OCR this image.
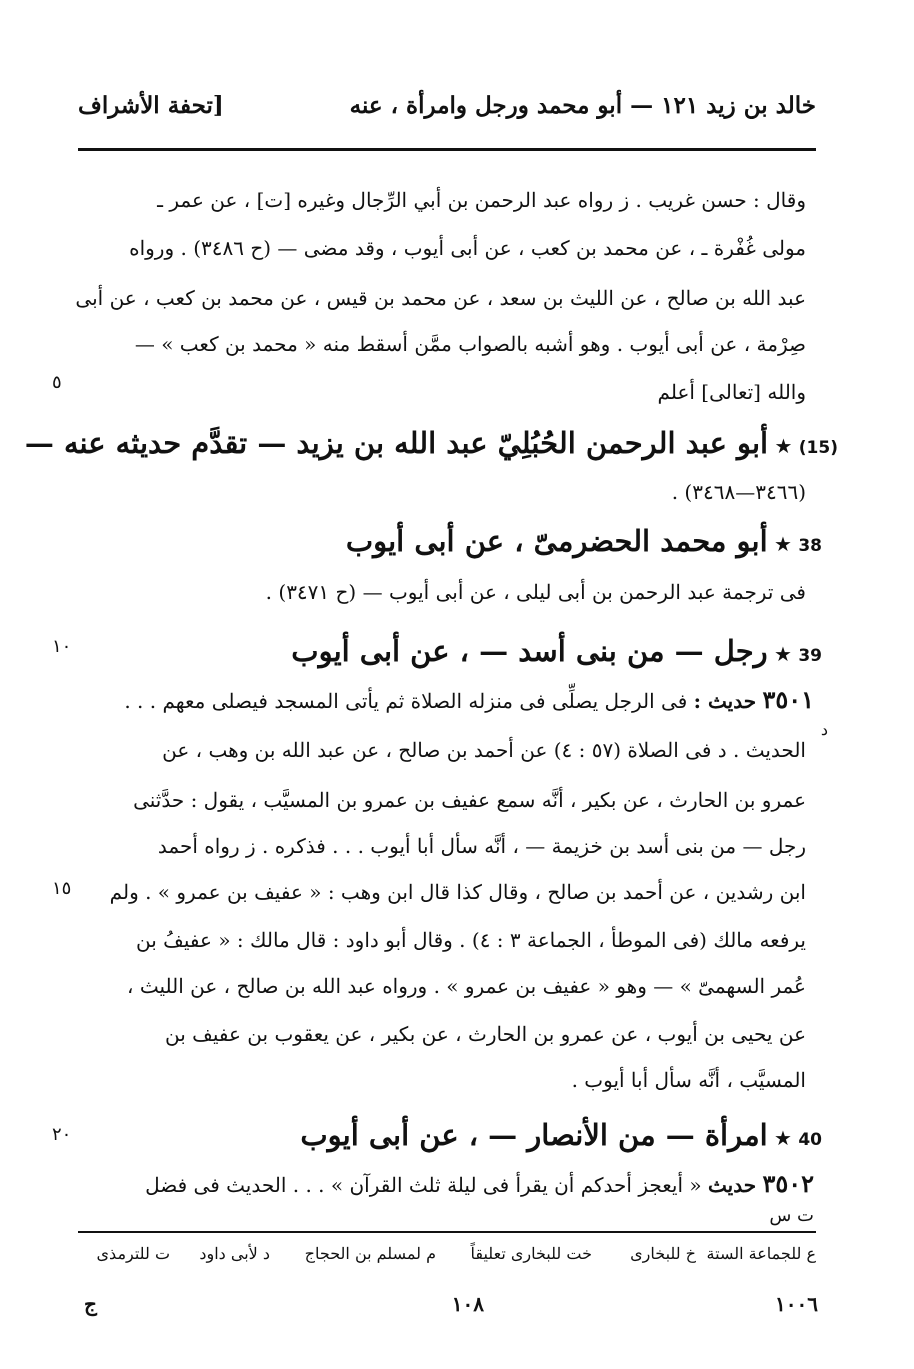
خالد بن زيد ١٢١ — أبو محمد ورجل وامرأة ، عنه
[تحفة الأشراف
وقال : حسن غريب . ز رواه عبد الرحمن بن أبي الرِّجال وغيره [ت] ، عن عمر ـ
مولى غُفْرة ـ ، عن محمد بن كعب ، عن أبى أيوب ، وقد مضى — (ح ٣٤٨٦) . ورواه
عبد الله بن صالح ، عن الليث بن سعد ، عن محمد بن قيس ، عن محمد بن كعب ، عن أبى
صِرْمة ، عن أبى أيوب . وهو أشبه بالصواب ممَّن أسقط منه « محمد بن كعب » —
والله [تعالى] أعلم
(15) ★ أبو عبد الرحمن الحُبُلِيّ عبد الله بن يزيد — تقدَّم حديثه عنه —
(٣٤٦٦—٣٤٦٨) .
38 ★ أبو محمد الحضرمىّ ، عن أبى أيوب
فى ترجمة عبد الرحمن بن أبى ليلى ، عن أبى أيوب — (ح ٣٤٧١) .
39 ★ رجل — من بنى أسد — ، عن أبى أيوب
٣٥٠١ حديث : فى الرجل يصلِّى فى منزله الصلاة ثم يأتى المسجد فيصلى معهم . . .
د
الحديث . د فى الصلاة (٥٧ : ٤) عن أحمد بن صالح ، عن عبد الله بن وهب ، عن
عمرو بن الحارث ، عن بكير ، أنَّه سمع عفيف بن عمرو بن المسيَّب ، يقول : حدَّثنى
رجل — من بنى أسد بن خزيمة — ، أنَّه سأل أبا أيوب . . . فذكره . ز رواه أحمد
ابن رشدين ، عن أحمد بن صالح ، وقال كذا قال ابن وهب : « عفيف بن عمرو » . ولم
يرفعه مالك (فى الموطأ ، الجماعة ٣ : ٤) . وقال أبو داود : قال مالك : « عفيفُ بن
عُمر السهمىّ » — وهو « عفيف بن عمرو » . ورواه عبد الله بن صالح ، عن الليث ،
عن يحيى بن أيوب ، عن عمرو بن الحارث ، عن بكير ، عن يعقوب بن عفيف بن
المسيَّب ، أنَّه سأل أبا أيوب .
40 ★ امرأة — من الأنصار — ، عن أبى أيوب
٣٥٠٢ حديث « أيعجز أحدكم أن يقرأ فى ليلة ثلث القرآن » . . . الحديث فى فضل
ت س
٥
١٠
١٥
٢٠
ع للجماعة الستة
خ للبخارى
خت للبخارى تعليقاً
م لمسلم بن الحجاج
د لأبى داود
ت للترمذى
١٠٠٦
١٠٨
ج
